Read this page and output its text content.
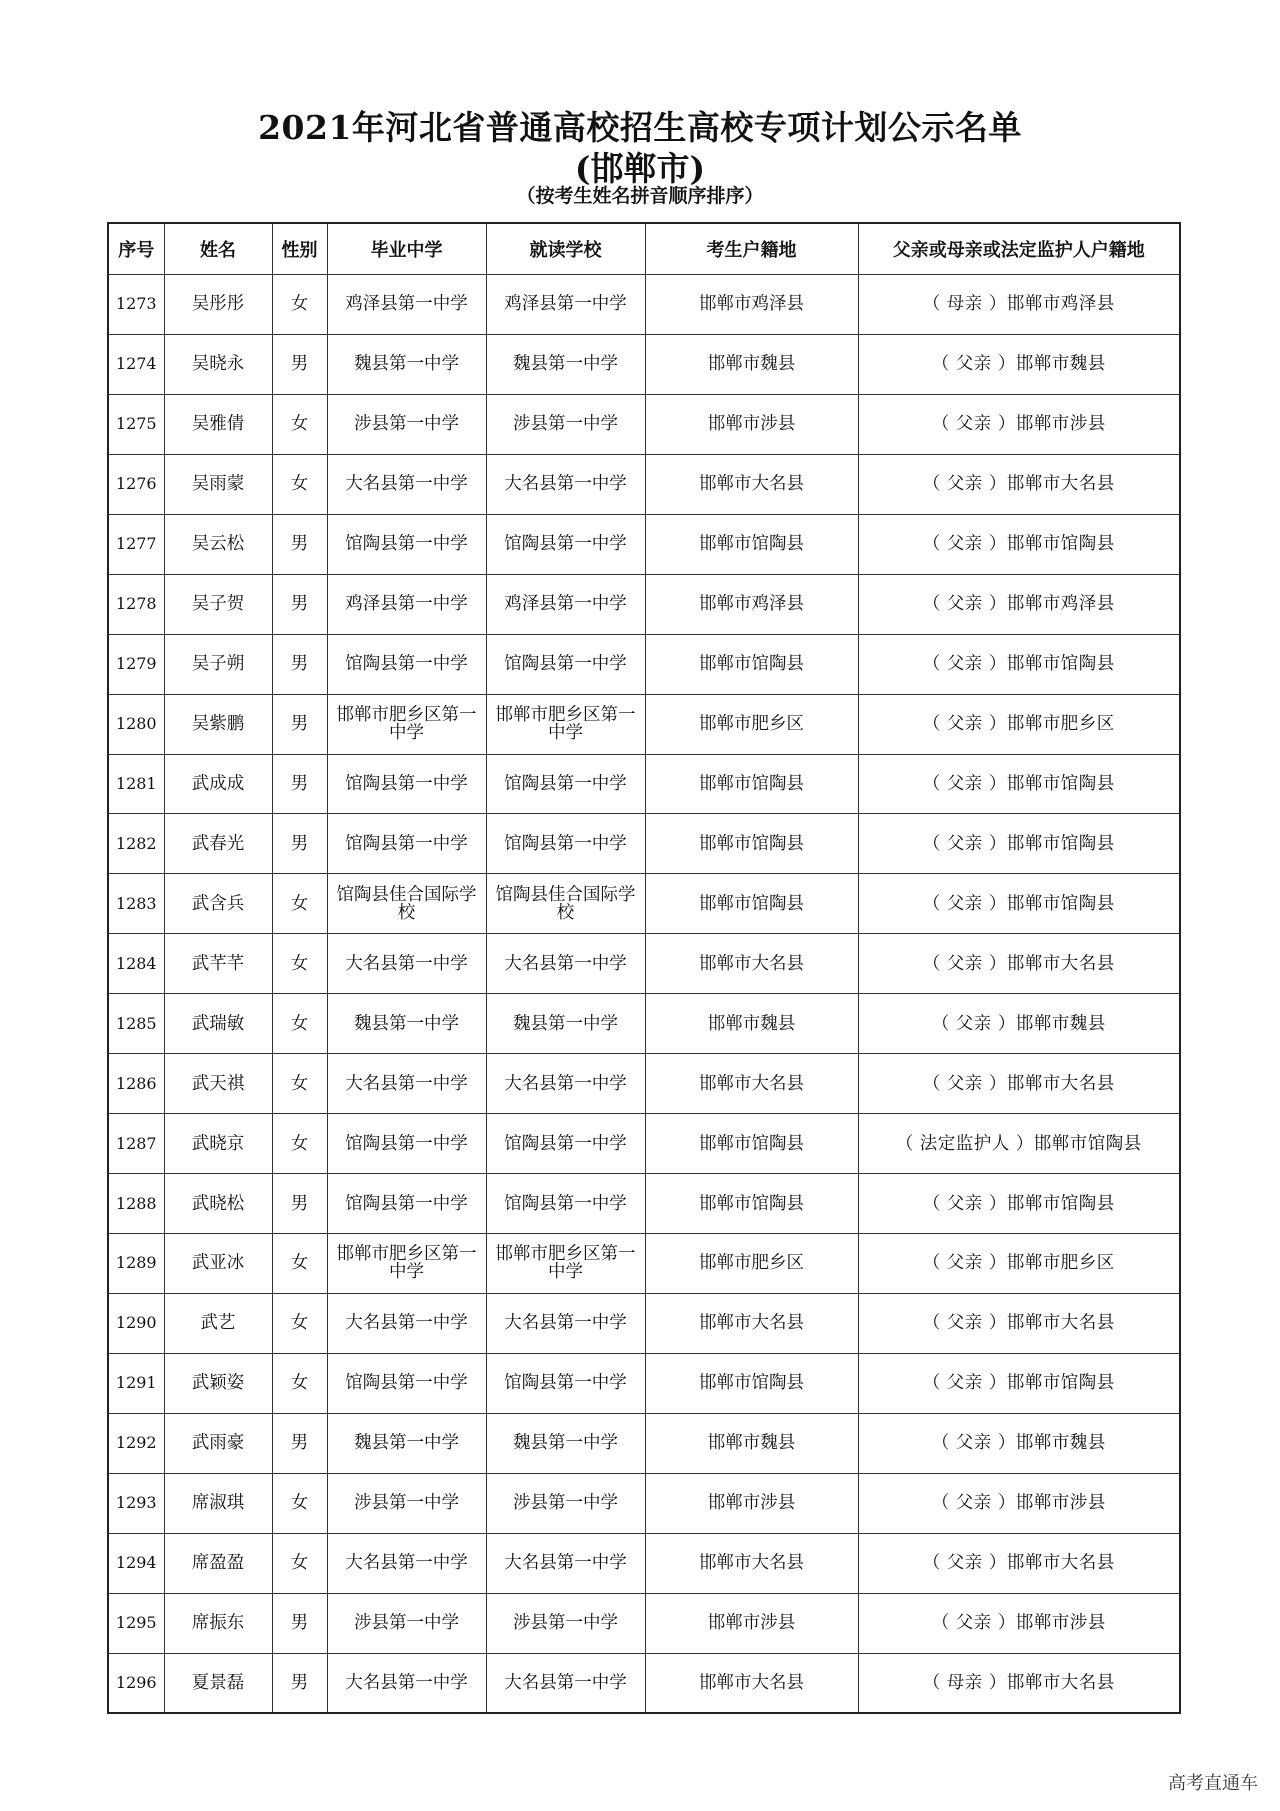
2021年河北省普通高校招生高校专项计划公示名单
(邯郸市)
（按考生姓名拼音顺序排序）
序号	姓名	性别	毕业中学	就读学校	考生户籍地	父亲或母亲或法定监护人户籍地
1273	吴彤彤	女	鸡泽县第一中学	鸡泽县第一中学	邯郸市鸡泽县	（ 母亲 ）邯郸市鸡泽县
1274	吴晓永	男	魏县第一中学	魏县第一中学	邯郸市魏县	（ 父亲 ）邯郸市魏县
1275	吴雅倩	女	涉县第一中学	涉县第一中学	邯郸市涉县	（ 父亲 ）邯郸市涉县
1276	吴雨蒙	女	大名县第一中学	大名县第一中学	邯郸市大名县	（ 父亲 ）邯郸市大名县
1277	吴云松	男	馆陶县第一中学	馆陶县第一中学	邯郸市馆陶县	（ 父亲 ）邯郸市馆陶县
1278	吴子贺	男	鸡泽县第一中学	鸡泽县第一中学	邯郸市鸡泽县	（ 父亲 ）邯郸市鸡泽县
1279	吴子朔	男	馆陶县第一中学	馆陶县第一中学	邯郸市馆陶县	（ 父亲 ）邯郸市馆陶县
1280	吴紫鹏	男	邯郸市肥乡区第一中学	邯郸市肥乡区第一中学	邯郸市肥乡区	（ 父亲 ）邯郸市肥乡区
1281	武成成	男	馆陶县第一中学	馆陶县第一中学	邯郸市馆陶县	（ 父亲 ）邯郸市馆陶县
1282	武春光	男	馆陶县第一中学	馆陶县第一中学	邯郸市馆陶县	（ 父亲 ）邯郸市馆陶县
1283	武含兵	女	馆陶县佳合国际学校	馆陶县佳合国际学校	邯郸市馆陶县	（ 父亲 ）邯郸市馆陶县
1284	武芊芊	女	大名县第一中学	大名县第一中学	邯郸市大名县	（ 父亲 ）邯郸市大名县
1285	武瑞敏	女	魏县第一中学	魏县第一中学	邯郸市魏县	（ 父亲 ）邯郸市魏县
1286	武天祺	女	大名县第一中学	大名县第一中学	邯郸市大名县	（ 父亲 ）邯郸市大名县
1287	武晓京	女	馆陶县第一中学	馆陶县第一中学	邯郸市馆陶县	（ 法定监护人 ）邯郸市馆陶县
1288	武晓松	男	馆陶县第一中学	馆陶县第一中学	邯郸市馆陶县	（ 父亲 ）邯郸市馆陶县
1289	武亚冰	女	邯郸市肥乡区第一中学	邯郸市肥乡区第一中学	邯郸市肥乡区	（ 父亲 ）邯郸市肥乡区
1290	武艺	女	大名县第一中学	大名县第一中学	邯郸市大名县	（ 父亲 ）邯郸市大名县
1291	武颖姿	女	馆陶县第一中学	馆陶县第一中学	邯郸市馆陶县	（ 父亲 ）邯郸市馆陶县
1292	武雨豪	男	魏县第一中学	魏县第一中学	邯郸市魏县	（ 父亲 ）邯郸市魏县
1293	席淑琪	女	涉县第一中学	涉县第一中学	邯郸市涉县	（ 父亲 ）邯郸市涉县
1294	席盈盈	女	大名县第一中学	大名县第一中学	邯郸市大名县	（ 父亲 ）邯郸市大名县
1295	席振东	男	涉县第一中学	涉县第一中学	邯郸市涉县	（ 父亲 ）邯郸市涉县
1296	夏景磊	男	大名县第一中学	大名县第一中学	邯郸市大名县	（ 母亲 ）邯郸市大名县
高考直通车
